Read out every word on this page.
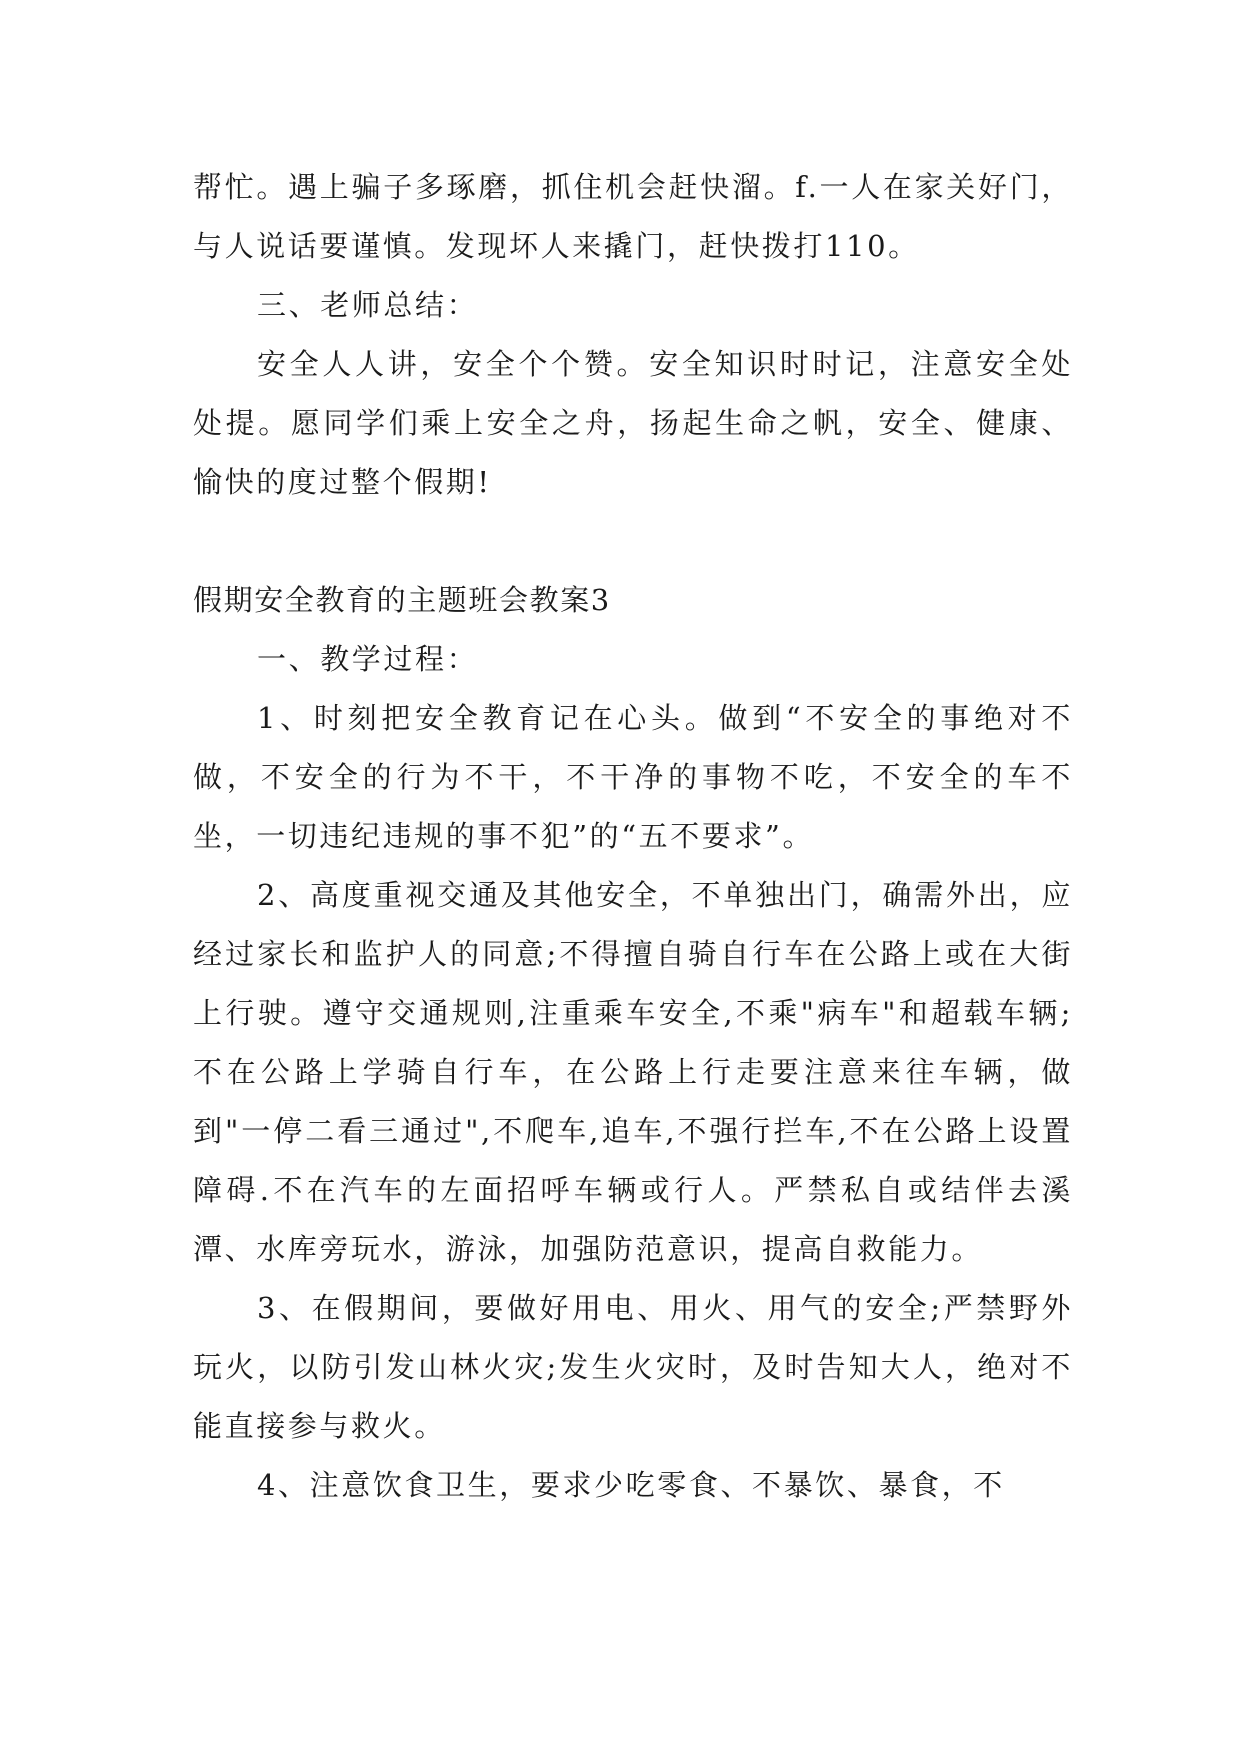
帮忙。遇上骗子多琢磨，抓住机会赶快溜。f.一人在家关好门，与人说话要谨慎。发现坏人来撬门，赶快拨打110。

三、老师总结：

安全人人讲，安全个个赞。安全知识时时记，注意安全处处提。愿同学们乘上安全之舟，扬起生命之帆，安全、健康、愉快的度过整个假期!

假期安全教育的主题班会教案3

一、教学过程：

1、时刻把安全教育记在心头。做到“不安全的事绝对不做，不安全的行为不干，不干净的事物不吃，不安全的车不坐，一切违纪违规的事不犯”的“五不要求”。

2、高度重视交通及其他安全，不单独出门，确需外出，应经过家长和监护人的同意;不得擅自骑自行车在公路上或在大街上行驶。遵守交通规则,注重乘车安全,不乘"病车"和超载车辆;不在公路上学骑自行车，在公路上行走要注意来往车辆，做到"一停二看三通过",不爬车,追车,不强行拦车,不在公路上设置障碍.不在汽车的左面招呼车辆或行人。严禁私自或结伴去溪潭、水库旁玩水，游泳，加强防范意识，提高自救能力。

3、在假期间，要做好用电、用火、用气的安全;严禁野外玩火，以防引发山林火灾;发生火灾时，及时告知大人，绝对不 能直接参与救火。

4、注意饮食卫生，要求少吃零食、不暴饮、暴食，不
